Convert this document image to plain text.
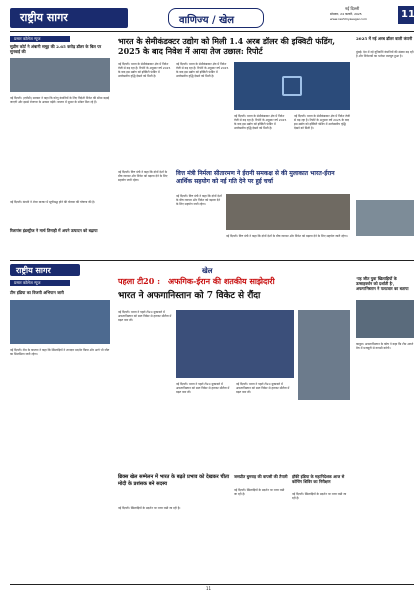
राष्ट्रीय सागर	वाणिज्य / खेल
नई दिल्ली
सोमवार, 24 फरवरी, 2025
www.rashtriyasagar.com	11
प्रसार कॉलेज न्यूज
सुप्रीम कोर्ट ने अंबानी समूह की 2.65 करोड़ डॉलर के बिल पर सुनवाई की
नई दिल्ली। (एजेंसी) सरकार ने कहा कि घरेलू कंपनियों के लिए विदेशी निवेश की सीमा बढ़ाई जाएगी और इससे रोजगार के अवसर बढ़ेंगे। बाजार में सुधार के संकेत मिल रहे हैं।
रिलायंस इंडस्ट्रीज ने मार्च तिमाही में अपने उत्पादन को बढ़ाया
भारत के सेमीकंडक्टर उद्योग को मिली 1.4 अरब डॉलर की इक्विटी फंडिंग, 2025 के बाद निवेश में आया तेज उछाल: रिपोर्ट
नई दिल्ली। भारत के सेमीकंडक्टर क्षेत्र में निवेश तेजी से बढ़ रहा है। रिपोर्ट के अनुसार वर्ष 2025 के बाद इस उद्योग को इक्विटी फंडिंग में उल्लेखनीय वृद्धि देखने को मिली है।
नई दिल्ली। भारत के सेमीकंडक्टर क्षेत्र में निवेश तेजी से बढ़ रहा है। रिपोर्ट के अनुसार वर्ष 2025 के बाद इस उद्योग को इक्विटी फंडिंग में उल्लेखनीय वृद्धि देखने को मिली है।
नई दिल्ली। भारत के सेमीकंडक्टर क्षेत्र में निवेश तेजी से बढ़ रहा है। रिपोर्ट के अनुसार वर्ष 2025 के बाद इस उद्योग को इक्विटी फंडिंग में उल्लेखनीय वृद्धि देखने को मिली है।
नई दिल्ली। भारत के सेमीकंडक्टर क्षेत्र में निवेश तेजी से बढ़ रहा है। रिपोर्ट के अनुसार वर्ष 2025 के बाद इस उद्योग को इक्विटी फंडिंग में उल्लेखनीय वृद्धि देखने को मिली है।
2025 में नई अरब डॉलर वाली कंपनी
मुंबई। देश में नई यूनिकॉर्न कंपनियों की संख्या बढ़ रही है और निवेशकों का भरोसा मजबूत हुआ है।
नई दिल्ली। वित्त मंत्री ने कहा कि दोनों देशों के बीच व्यापार और निवेश को बढ़ावा देने के लिए सहयोग जारी रहेगा।
वित्त मंत्री निर्मला सीतारमण ने ईरानी समकक्ष से की मुलाकात भारत-ईरान आर्थिक सहयोग को नई गति देने पर हुई चर्चा
नई दिल्ली। वित्त मंत्री ने कहा कि दोनों देशों के बीच व्यापार और निवेश को बढ़ावा देने के लिए सहयोग जारी रहेगा।
नई दिल्ली। वित्त मंत्री ने कहा कि दोनों देशों के बीच व्यापार और निवेश को बढ़ावा देने के लिए सहयोग जारी रहेगा।
नई दिल्ली। कंपनी ने शेयर बाजार में सूचीबद्ध होने की योजना की घोषणा की है।
राष्ट्रीय सागर	खेल
प्रसार कॉलेज न्यूज	पहला टी20 : अफगिक-ईरान की शतकीय साझेदारी
भारत ने अफगानिस्तान को 7 विकेट से रौंदा
टीम इंडिया का विजयी अभियान जारी
नई दिल्ली। टीम के कप्तान ने कहा कि खिलाड़ियों ने शानदार प्रदर्शन किया और आगे भी जीत का सिलसिला जारी रहेगा।
नई दिल्ली। भारत ने पहले टी20 मुकाबले में अफगानिस्तान को सात विकेट से हराकर सीरीज में बढ़त बना ली।
नई दिल्ली। भारत ने पहले टी20 मुकाबले में अफगानिस्तान को सात विकेट से हराकर सीरीज में बढ़त बना ली।
नई दिल्ली। भारत ने पहले टी20 मुकाबले में अफगानिस्तान को सात विकेट से हराकर सीरीज में बढ़त बना ली।
'यह जीत युवा खिलाड़ियों के उत्साहवर्धन को दर्शाती है', अफगानिस्तान ने पलटवार का बताया
काबुल। अफगानिस्तान के कोच ने कहा कि टीम अगले मैच में मजबूती से वापसी करेगी।
ब्रिक्स खेल सम्मेलन में भारत के बढ़ते प्रभाव को देखकर चीता मोदी के प्रशंसक बने सदस्य
नई दिल्ली। खिलाड़ियों के प्रदर्शन पर नजर रखी जा रही है।
जसप्रीत बुमराह की वापसी की तैयारी
नई दिल्ली। खिलाड़ियों के प्रदर्शन पर नजर रखी जा रही है।
हॉकी इंडिया के महानिदेशक आज से कोचिंग शिविर का निरीक्षण
नई दिल्ली। खिलाड़ियों के प्रदर्शन पर नजर रखी जा रही है।
11
